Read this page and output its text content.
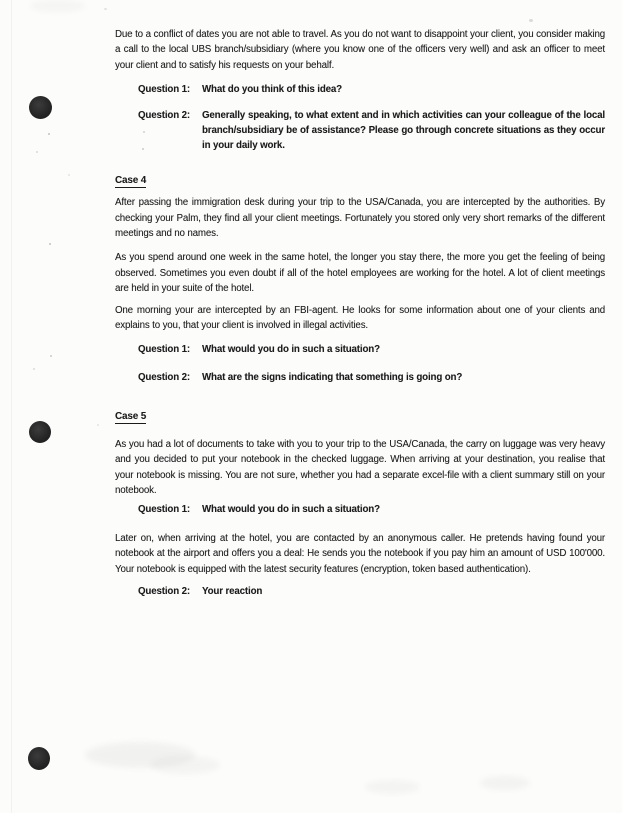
Due to a conflict of dates you are not able to travel. As you do not want to disappoint your client, you consider making a call to the local UBS branch/subsidiary (where you know one of the officers very well) and ask an officer to meet your client and to satisfy his requests on your behalf.

Question 1:	What do you think of this idea?
Question 2:	Generally speaking, to what extent and in which activities can your colleague of the local branch/subsidiary be of assistance? Please go through concrete situations as they occur in your daily work.
Case 4

After passing the immigration desk during your trip to the USA/Canada, you are intercepted by the authorities. By checking your Palm, they find all your client meetings. Fortunately you stored only very short remarks of the different meetings and no names.

As you spend around one week in the same hotel, the longer you stay there, the more you get the feeling of being observed. Sometimes you even doubt if all of the hotel employees are working for the hotel. A lot of client meetings are held in your suite of the hotel.

One morning your are intercepted by an FBI-agent. He looks for some information about one of your clients and explains to you, that your client is involved in illegal activities.

Question 1:	What would you do in such a situation?
Question 2:	What are the signs indicating that something is going on?
Case 5

As you had a lot of documents to take with you to your trip to the USA/Canada, the carry on luggage was very heavy and you decided to put your notebook in the checked luggage. When arriving at your destination, you realise that your notebook is missing. You are not sure, whether you had a separate excel-file with a client summary still on your notebook.

Question 1:	What would you do in such a situation?

Later on, when arriving at the hotel, you are contacted by an anonymous caller. He pretends having found your notebook at the airport and offers you a deal: He sends you the notebook if you pay him an amount of USD 100'000. Your notebook is equipped with the latest security features (encryption, token based authentication).

Question 2:	Your reaction
